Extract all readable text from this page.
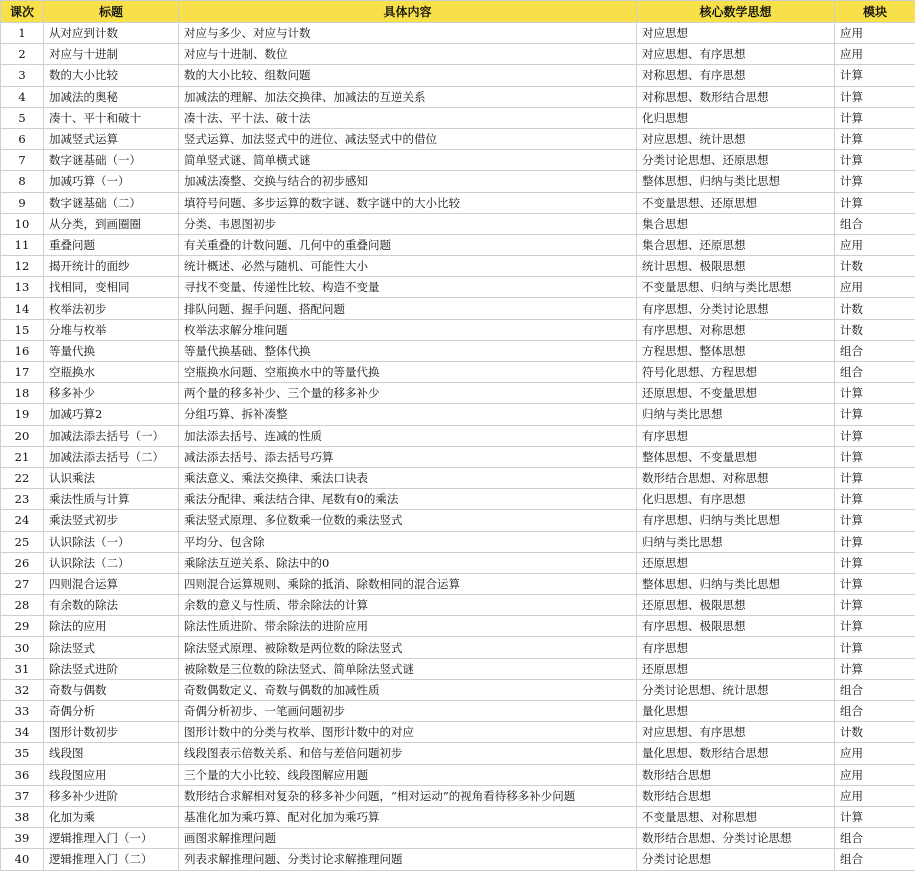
课次	标题	具体内容	核心数学思想	模块
1	从对应到计数	对应与多少、对应与计数	对应思想	应用
2	对应与十进制	对应与十进制、数位	对应思想、有序思想	应用
3	数的大小比较	数的大小比较、组数问题	对称思想、有序思想	计算
4	加减法的奥秘	加减法的理解、加法交换律、加减法的互逆关系	对称思想、数形结合思想	计算
5	凑十、平十和破十	凑十法、平十法、破十法	化归思想	计算
6	加减竖式运算	竖式运算、加法竖式中的进位、减法竖式中的借位	对应思想、统计思想	计算
7	数字谜基础（一）	简单竖式谜、简单横式谜	分类讨论思想、还原思想	计算
8	加减巧算（一）	加减法凑整、交换与结合的初步感知	整体思想、归纳与类比思想	计算
9	数字谜基础（二）	填符号问题、多步运算的数字谜、数字谜中的大小比较	不变量思想、还原思想	计算
10	从分类，到画圈圈	分类、韦恩图初步	集合思想	组合
11	重叠问题	有关重叠的计数问题、几何中的重叠问题	集合思想、还原思想	应用
12	揭开统计的面纱	统计概述、必然与随机、可能性大小	统计思想、极限思想	计数
13	找相同，变相同	寻找不变量、传递性比较、构造不变量	不变量思想、归纳与类比思想	应用
14	枚举法初步	排队问题、握手问题、搭配问题	有序思想、分类讨论思想	计数
15	分堆与枚举	枚举法求解分堆问题	有序思想、对称思想	计数
16	等量代换	等量代换基础、整体代换	方程思想、整体思想	组合
17	空瓶换水	空瓶换水问题、空瓶换水中的等量代换	符号化思想、方程思想	组合
18	移多补少	两个量的移多补少、三个量的移多补少	还原思想、不变量思想	计算
19	加减巧算2	分组巧算、拆补凑整	归纳与类比思想	计算
20	加减法添去括号（一）	加法添去括号、连减的性质	有序思想	计算
21	加减法添去括号（二）	减法添去括号、添去括号巧算	整体思想、不变量思想	计算
22	认识乘法	乘法意义、乘法交换律、乘法口诀表	数形结合思想、对称思想	计算
23	乘法性质与计算	乘法分配律、乘法结合律、尾数有0的乘法	化归思想、有序思想	计算
24	乘法竖式初步	乘法竖式原理、多位数乘一位数的乘法竖式	有序思想、归纳与类比思想	计算
25	认识除法（一）	平均分、包含除	归纳与类比思想	计算
26	认识除法（二）	乘除法互逆关系、除法中的0	还原思想	计算
27	四则混合运算	四则混合运算规则、乘除的抵消、除数相同的混合运算	整体思想、归纳与类比思想	计算
28	有余数的除法	余数的意义与性质、带余除法的计算	还原思想、极限思想	计算
29	除法的应用	除法性质进阶、带余除法的进阶应用	有序思想、极限思想	计算
30	除法竖式	除法竖式原理、被除数是两位数的除法竖式	有序思想	计算
31	除法竖式进阶	被除数是三位数的除法竖式、简单除法竖式谜	还原思想	计算
32	奇数与偶数	奇数偶数定义、奇数与偶数的加减性质	分类讨论思想、统计思想	组合
33	奇偶分析	奇偶分析初步、一笔画问题初步	量化思想	组合
34	图形计数初步	图形计数中的分类与枚举、图形计数中的对应	对应思想、有序思想	计数
35	线段图	线段图表示倍数关系、和倍与差倍问题初步	量化思想、数形结合思想	应用
36	线段图应用	三个量的大小比较、线段图解应用题	数形结合思想	应用
37	移多补少进阶	数形结合求解相对复杂的移多补少问题，“相对运动”的视角看待移多补少问题	数形结合思想	应用
38	化加为乘	基准化加为乘巧算、配对化加为乘巧算	不变量思想、对称思想	计算
39	逻辑推理入门（一）	画图求解推理问题	数形结合思想、分类讨论思想	组合
40	逻辑推理入门（二）	列表求解推理问题、分类讨论求解推理问题	分类讨论思想	组合
